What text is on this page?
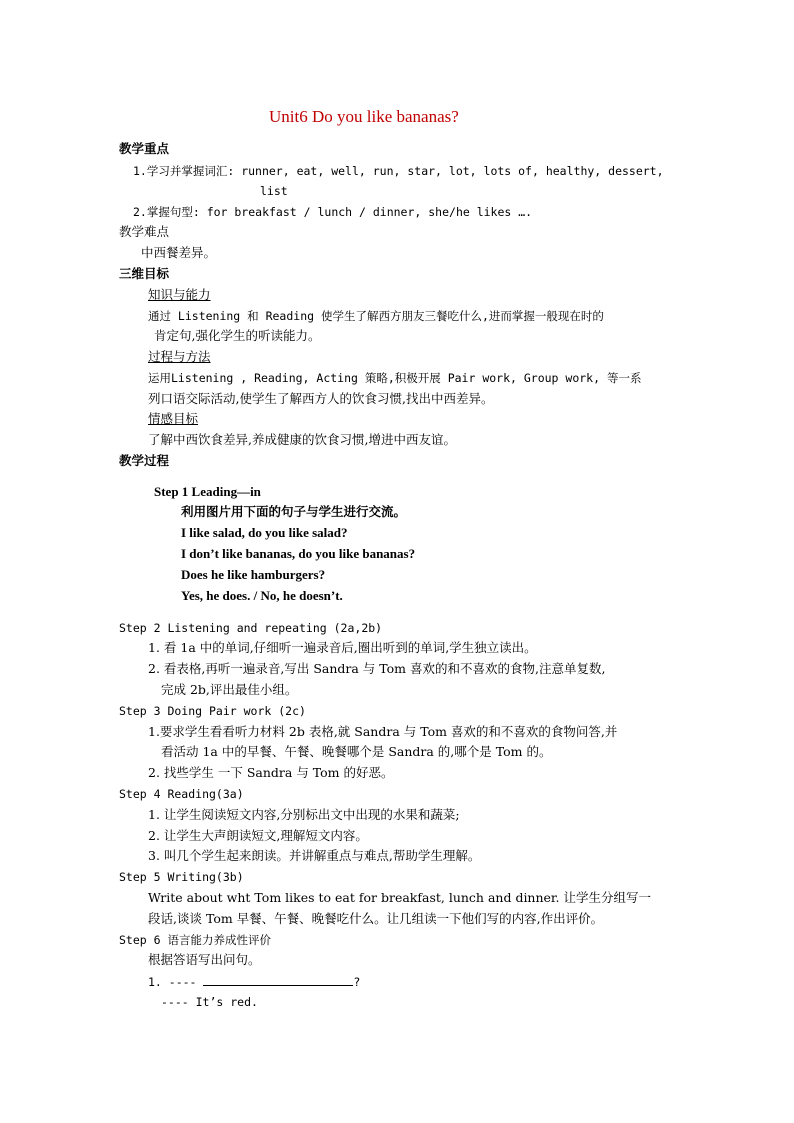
Unit6 Do you like bananas?
教学重点
1.学习并掌握词汇: runner, eat, well, run, star, lot, lots of, healthy, dessert,
list
2.掌握句型: for breakfast / lunch / dinner, she/he likes ….
教学难点
中西餐差异。
三维目标
知识与能力
通过 Listening 和 Reading 使学生了解西方朋友三餐吃什么,进而掌握一般现在时的
肯定句,强化学生的听读能力。
过程与方法
运用Listening , Reading, Acting 策略,积极开展 Pair work, Group work, 等一系
列口语交际活动,使学生了解西方人的饮食习惯,找出中西差异。
情感目标
了解中西饮食差异,养成健康的饮食习惯,增进中西友谊。
教学过程
Step 1 Leading—in
利用图片用下面的句子与学生进行交流。
I like salad, do you like salad?
I don’t like bananas, do you like bananas?
Does he like hamburgers?
Yes, he does. / No, he doesn’t.
Step 2 Listening and repeating (2a,2b)
1. 看 1a 中的单词,仔细听一遍录音后,圈出听到的单词,学生独立读出。
2. 看表格,再听一遍录音,写出 Sandra 与 Tom 喜欢的和不喜欢的食物,注意单复数,
完成 2b,评出最佳小组。
Step 3 Doing Pair work (2c)
1.要求学生看看听力材料 2b 表格,就 Sandra 与 Tom 喜欢的和不喜欢的食物问答,并
看活动 1a 中的早餐、午餐、晚餐哪个是 Sandra 的,哪个是 Tom 的。
2. 找些学生 一下 Sandra 与 Tom 的好恶。
Step 4 Reading(3a)
1. 让学生阅读短文内容,分别标出文中出现的水果和蔬菜;
2. 让学生大声朗读短文,理解短文内容。
3. 叫几个学生起来朗读。并讲解重点与难点,帮助学生理解。
Step 5 Writing(3b)
Write about wht Tom likes to eat for breakfast, lunch and dinner. 让学生分组写一
段话,谈谈 Tom 早餐、午餐、晚餐吃什么。让几组读一下他们写的内容,作出评价。
Step 6 语言能力养成性评价
根据答语写出问句。
1. ----	?
---- It’s red.
